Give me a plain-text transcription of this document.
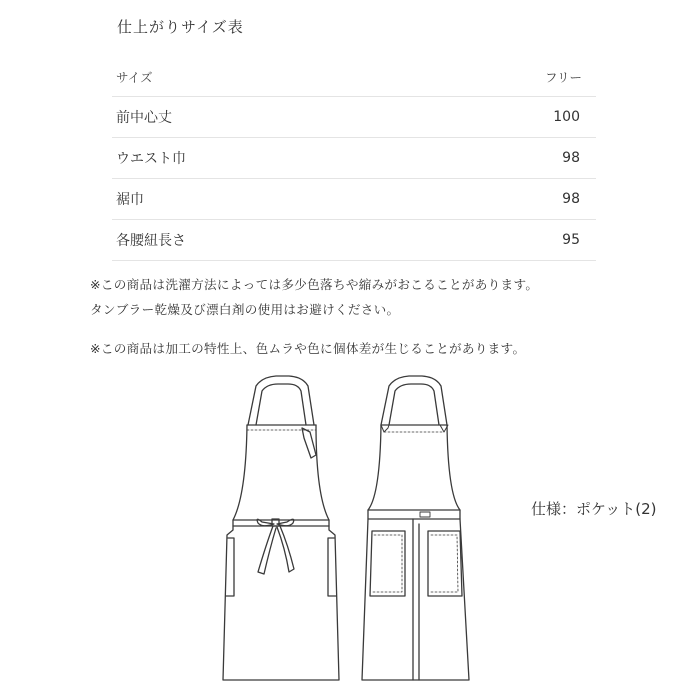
仕上がりサイズ表
サイズ	フリー
前中心丈	100
ウエスト巾	98
裾巾	98
各腰紐長さ	95

※この商品は洗濯方法によっては多少色落ちや縮みがおこることがあります。

タンブラー乾燥及び漂白剤の使用はお避けください。

※この商品は加工の特性上、色ムラや色に個体差が生じることがあります。

仕様：ポケット(2)
